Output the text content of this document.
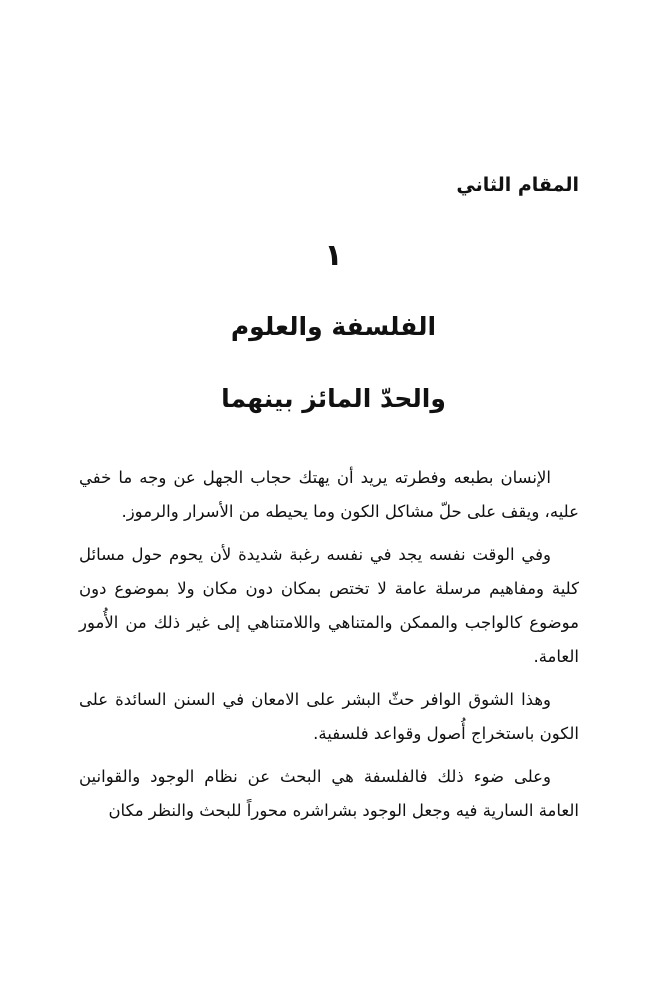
المقام الثاني
١
الفلسفة والعلوم
والحدّ المائز بينهما

الإنسان بطبعه وفطرته يريد أن يهتك حجاب الجهل عن وجه ما خفي عليه، ويقف على حلّ مشاكل الكون وما يحيطه من الأسرار والرموز.

وفي الوقت نفسه يجد في نفسه رغبة شديدة لأن يحوم حول مسائل كلية ومفاهيم مرسلة عامة لا تختص بمكان دون مكان ولا بموضوع دون موضوع كالواجب والممكن والمتناهي واللامتناهي إلى غير ذلك من الأُمور العامة.

وهذا الشوق الوافر حثّ البشر على الامعان في السنن السائدة على الكون باستخراج أُصول وقواعد فلسفية.

وعلى ضوء ذلك فالفلسفة هي البحث عن نظام الوجود والقوانين العامة السارية فيه وجعل الوجود بشراشره محوراً للبحث والنظر مكان
